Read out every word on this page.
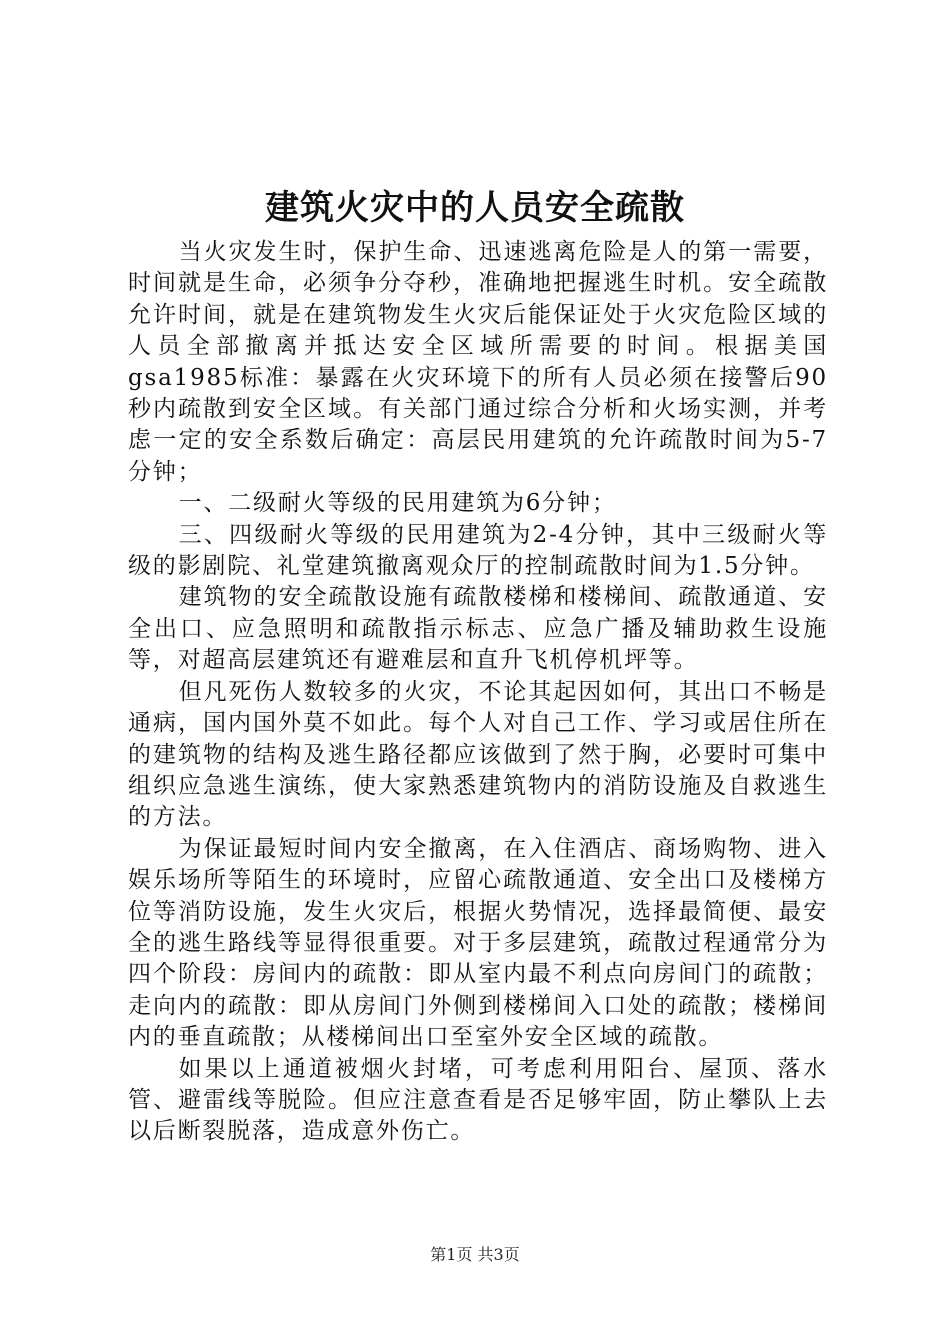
建筑火灾中的人员安全疏散

当火灾发生时，保护生命、迅速逃离危险是人的第一需要，时间就是生命，必须争分夺秒，准确地把握逃生时机。安全疏散允许时间，就是在建筑物发生火灾后能保证处于火灾危险区域的人员全部撤离并抵达安全区域所需要的时间。根据美国gsa1985标准：暴露在火灾环境下的所有人员必须在接警后90秒内疏散到安全区域。有关部门通过综合分析和火场实测，并考虑一定的安全系数后确定：高层民用建筑的允许疏散时间为5-7分钟；

一、二级耐火等级的民用建筑为6分钟；

三、四级耐火等级的民用建筑为2-4分钟，其中三级耐火等级的影剧院、礼堂建筑撤离观众厅的控制疏散时间为1.5分钟。

建筑物的安全疏散设施有疏散楼梯和楼梯间、疏散通道、安全出口、应急照明和疏散指示标志、应急广播及辅助救生设施等，对超高层建筑还有避难层和直升飞机停机坪等。

但凡死伤人数较多的火灾，不论其起因如何，其出口不畅是通病，国内国外莫不如此。每个人对自己工作、学习或居住所在的建筑物的结构及逃生路径都应该做到了然于胸，必要时可集中组织应急逃生演练，使大家熟悉建筑物内的消防设施及自救逃生的方法。

为保证最短时间内安全撤离，在入住酒店、商场购物、进入娱乐场所等陌生的环境时，应留心疏散通道、安全出口及楼梯方位等消防设施，发生火灾后，根据火势情况，选择最简便、最安全的逃生路线等显得很重要。对于多层建筑，疏散过程通常分为四个阶段：房间内的疏散：即从室内最不利点向房间门的疏散；走向内的疏散：即从房间门外侧到楼梯间入口处的疏散；楼梯间内的垂直疏散；从楼梯间出口至室外安全区域的疏散。

如果以上通道被烟火封堵，可考虑利用阳台、屋顶、落水管、避雷线等脱险。但应注意查看是否足够牢固，防止攀队上去以后断裂脱落，造成意外伤亡。

第1页 共3页
